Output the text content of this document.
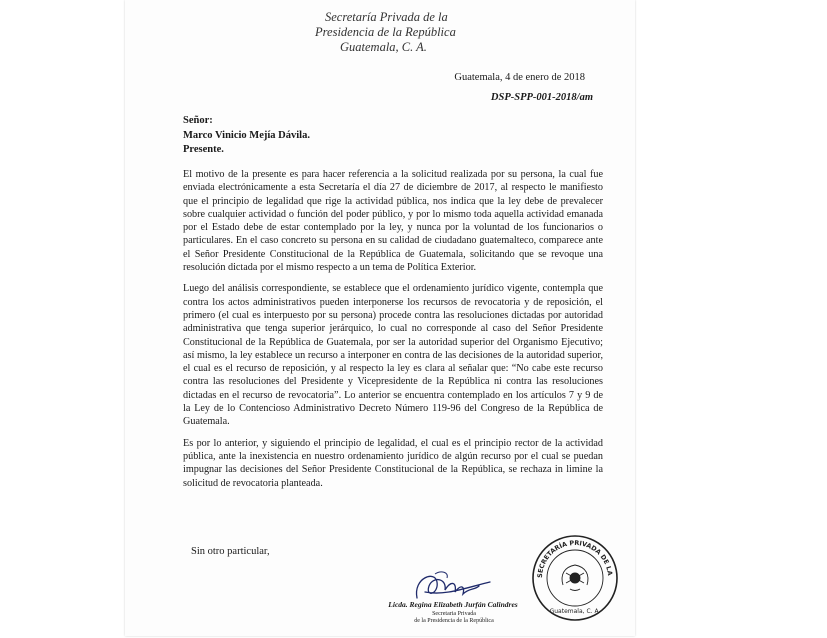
Secretaría Privada de la
Presidencia de la República
Guatemala, C. A.
Guatemala, 4 de enero de 2018
DSP-SPP-001-2018/am
Señor:
Marco Vinicio Mejía Dávila.
Presente.

El motivo de la presente es para hacer referencia a la solicitud realizada por su persona, la cual fue enviada electrónicamente a esta Secretaría el día 27 de diciembre de 2017, al respecto le manifiesto que el principio de legalidad que rige la actividad pública, nos indica que la ley debe de prevalecer sobre cualquier actividad o función del poder público, y por lo mismo toda aquella actividad emanada por el Estado debe de estar contemplado por la ley, y nunca por la voluntad de los funcionarios o particulares. En el caso concreto su persona en su calidad de ciudadano guatemalteco, comparece ante el Señor Presidente Constitucional de la República de Guatemala, solicitando que se revoque una resolución dictada por el mismo respecto a un tema de Política Exterior.

Luego del análisis correspondiente, se establece que el ordenamiento jurídico vigente, contempla que contra los actos administrativos pueden interponerse los recursos de revocatoria y de reposición, el primero (el cual es interpuesto por su persona) procede contra las resoluciones dictadas por autoridad administrativa que tenga superior jerárquico, lo cual no corresponde al caso del Señor Presidente Constitucional de la República de Guatemala, por ser la autoridad superior del Organismo Ejecutivo; así mismo, la ley establece un recurso a interponer en contra de las decisiones de la autoridad superior, el cual es el recurso de reposición, y al respecto la ley es clara al señalar que: “No cabe este recurso contra las resoluciones del Presidente y Vicepresidente de la República ni contra las resoluciones dictadas en el recurso de revocatoria”. Lo anterior se encuentra contemplado en los artículos 7 y 9 de la Ley de lo Contencioso Administrativo Decreto Número 119-96 del Congreso de la República de Guatemala.

Es por lo anterior, y siguiendo el principio de legalidad, el cual es el principio rector de la actividad pública, ante la inexistencia en nuestro ordenamiento jurídico de algún recurso por el cual se puedan impugnar las decisiones del Señor Presidente Constitucional de la República, se rechaza in limine la solicitud de revocatoria planteada.

Sin otro particular,
Licda. Regina Elizabeth Jurfán Calindres
Secretaria Privada
de la Presidencia de la República
SECRETARÍA PRIVADA DE LA
Guatemala, C. A.
